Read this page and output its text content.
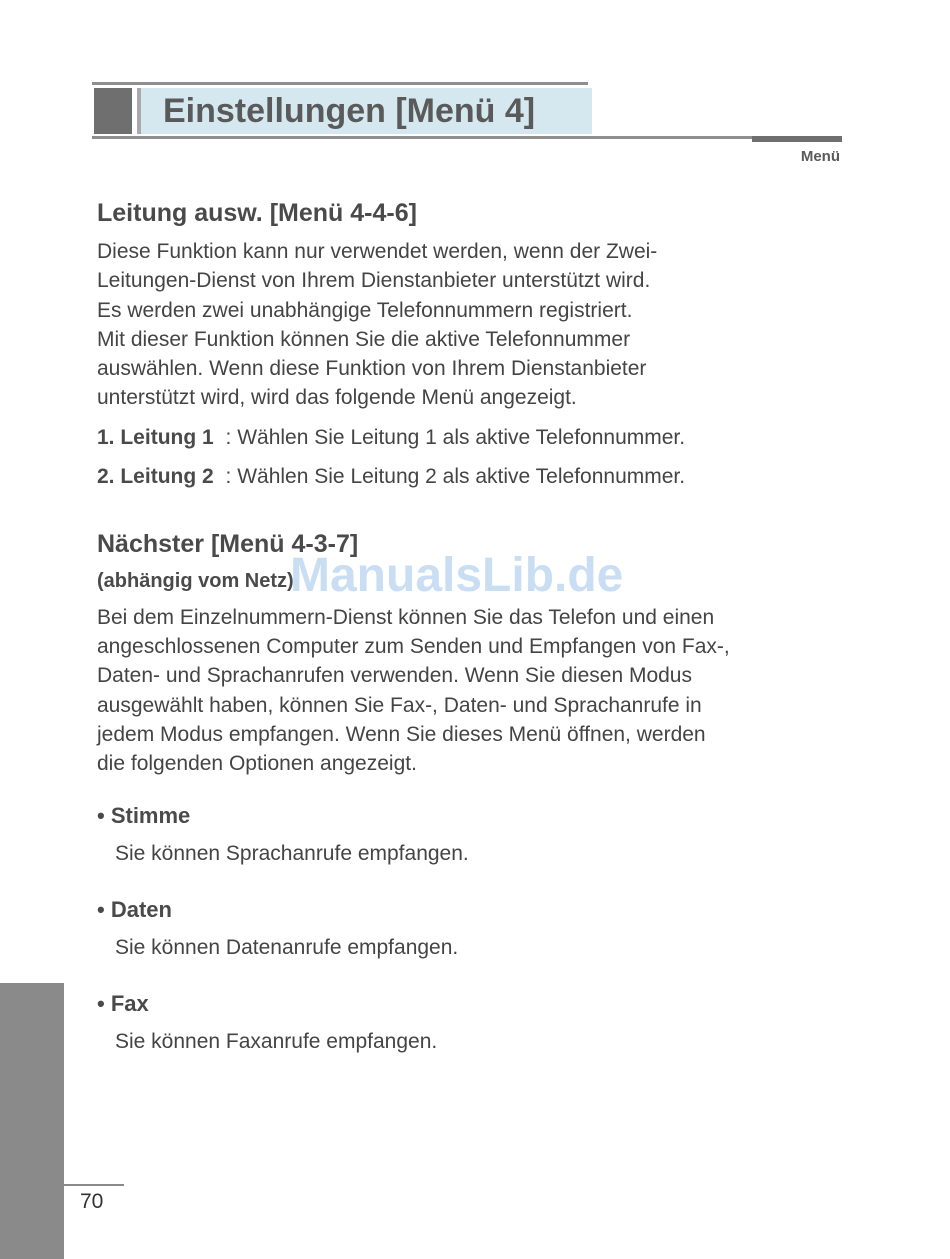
Einstellungen [Menü 4]
Menü
Leitung ausw. [Menü 4-4-6]

Diese Funktion kann nur verwendet werden, wenn der Zwei-
Leitungen-Dienst von Ihrem Dienstanbieter unterstützt wird.
Es werden zwei unabhängige Telefonnummern registriert.
Mit dieser Funktion können Sie die aktive Telefonnummer
auswählen. Wenn diese Funktion von Ihrem Dienstanbieter
unterstützt wird, wird das folgende Menü angezeigt.

1. Leitung 1 : Wählen Sie Leitung 1 als aktive Telefonnummer.
2. Leitung 2 : Wählen Sie Leitung 2 als aktive Telefonnummer.
Nächster [Menü 4-3-7]
(abhängig vom Netz)

Bei dem Einzelnummern-Dienst können Sie das Telefon und einen
angeschlossenen Computer zum Senden und Empfangen von Fax-,
Daten- und Sprachanrufen verwenden. Wenn Sie diesen Modus
ausgewählt haben, können Sie Fax-, Daten- und Sprachanrufe in
jedem Modus empfangen. Wenn Sie dieses Menü öffnen, werden
die folgenden Optionen angezeigt.

• Stimme
Sie können Sprachanrufe empfangen.
• Daten
Sie können Datenanrufe empfangen.
• Fax
Sie können Faxanrufe empfangen.
ManualsLib.de
70
